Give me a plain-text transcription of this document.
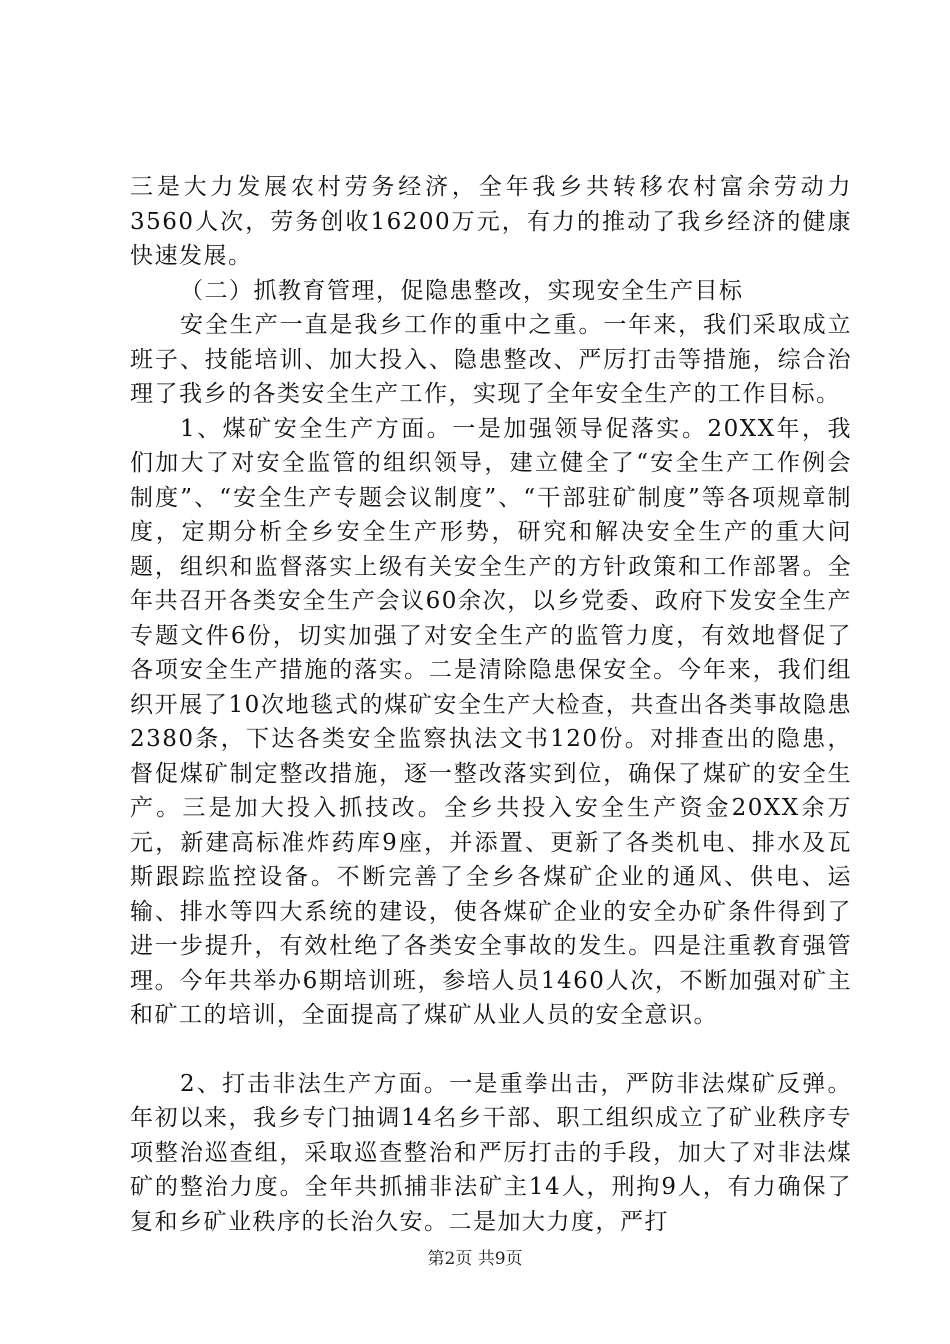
三是大力发展农村劳务经济，全年我乡共转移农村富余劳动力3560人次，劳务创收16200万元，有力的推动了我乡经济的健康快速发展。

（二）抓教育管理，促隐患整改，实现安全生产目标

安全生产一直是我乡工作的重中之重。一年来，我们采取成立班子、技能培训、加大投入、隐患整改、严厉打击等措施，综合治理了我乡的各类安全生产工作，实现了全年安全生产的工作目标。

1、煤矿安全生产方面。一是加强领导促落实。20XX年，我们加大了对安全监管的组织领导，建立健全了“安全生产工作例会制度”、“安全生产专题会议制度”、“干部驻矿制度”等各项规章制度，定期分析全乡安全生产形势，研究和解决安全生产的重大问题，组织和监督落实上级有关安全生产的方针政策和工作部署。全年共召开各类安全生产会议60余次，以乡党委、政府下发安全生产专题文件6份，切实加强了对安全生产的监管力度，有效地督促了各项安全生产措施的落实。二是清除隐患保安全。今年来，我们组织开展了10次地毯式的煤矿安全生产大检查，共查出各类事故隐患2380条，下达各类安全监察执法文书120份。对排查出的隐患，督促煤矿制定整改措施，逐一整改落实到位，确保了煤矿的安全生产。三是加大投入抓技改。全乡共投入安全生产资金20XX余万元，新建高标准炸药库9座，并添置、更新了各类机电、排水及瓦斯跟踪监控设备。不断完善了全乡各煤矿企业的通风、供电、运输、排水等四大系统的建设，使各煤矿企业的安全办矿条件得到了进一步提升，有效杜绝了各类安全事故的发生。四是注重教育强管理。今年共举办6期培训班，参培人员1460人次，不断加强对矿主和矿工的培训，全面提高了煤矿从业人员的安全意识。

2、打击非法生产方面。一是重拳出击，严防非法煤矿反弹。年初以来，我乡专门抽调14名乡干部、职工组织成立了矿业秩序专项整治巡查组，采取巡查整治和严厉打击的手段，加大了对非法煤矿的整治力度。全年共抓捕非法矿主14人，刑拘9人，有力确保了复和乡矿业秩序的长治久安。二是加大力度，严打

第2页 共9页
